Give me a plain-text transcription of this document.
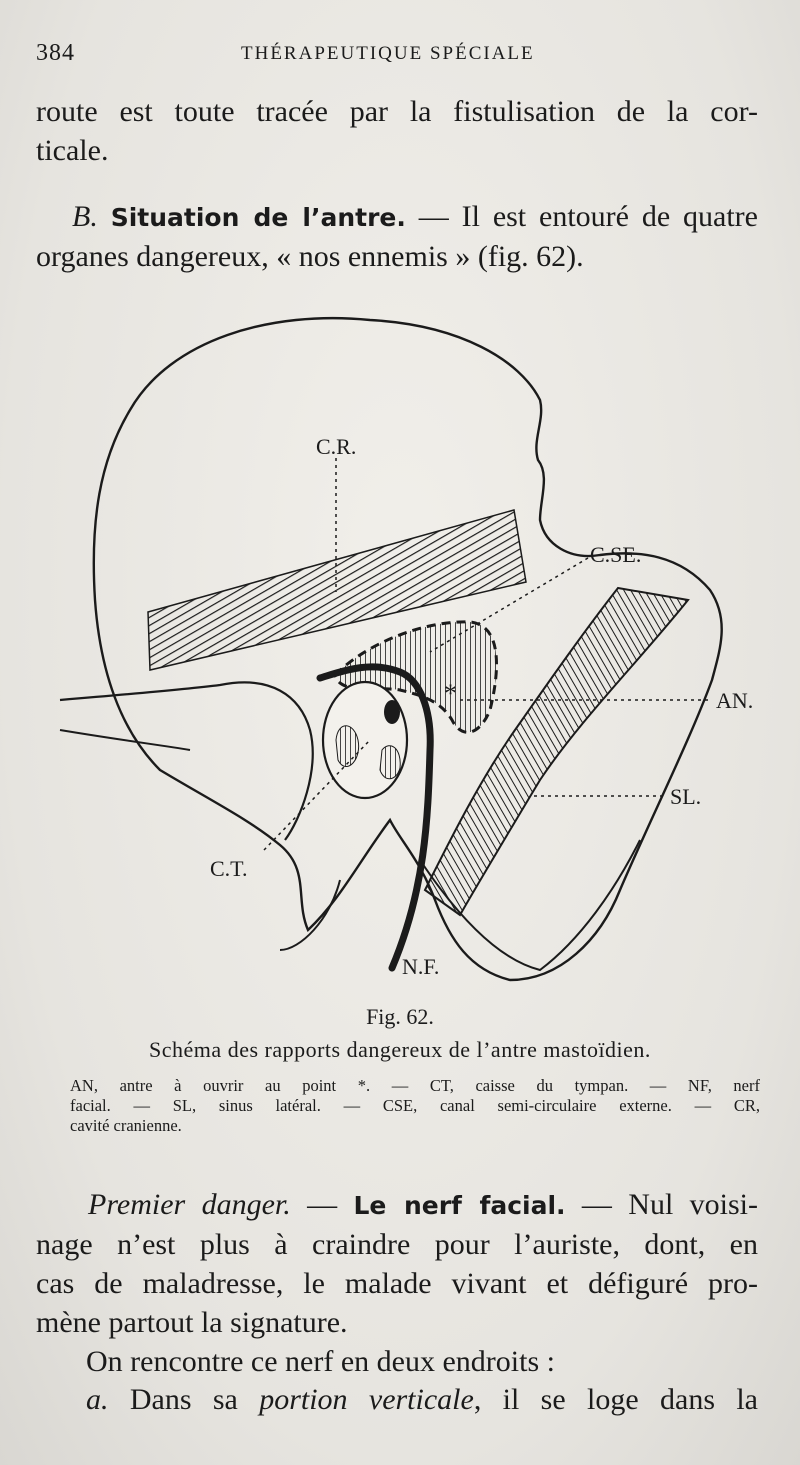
384	THÉRAPEUTIQUE SPÉCIALE

route est toute tracée par la fistulisation de la cor-
ticale.

B. Situation de l’antre. — Il est entouré de quatre
organes dangereux, « nos ennemis » (fig. 62).

C.R.
C.SE.
AN.
SL.
C.T.
N.F.
*
Fig. 62.
Schéma des rapports dangereux de l’antre mastoïdien.
AN, antre à ouvrir au point *. — CT, caisse du tympan. — NF, nerf
facial. — SL, sinus latéral. — CSE, canal semi-circulaire externe. — CR,
cavité cranienne.

Premier danger. — Le nerf facial. — Nul voisi-
nage n’est plus à craindre pour l’auriste, dont, en
cas de maladresse, le malade vivant et défiguré pro-
mène partout la signature.

On rencontre ce nerf en deux endroits :

a. Dans sa portion verticale, il se loge dans la
